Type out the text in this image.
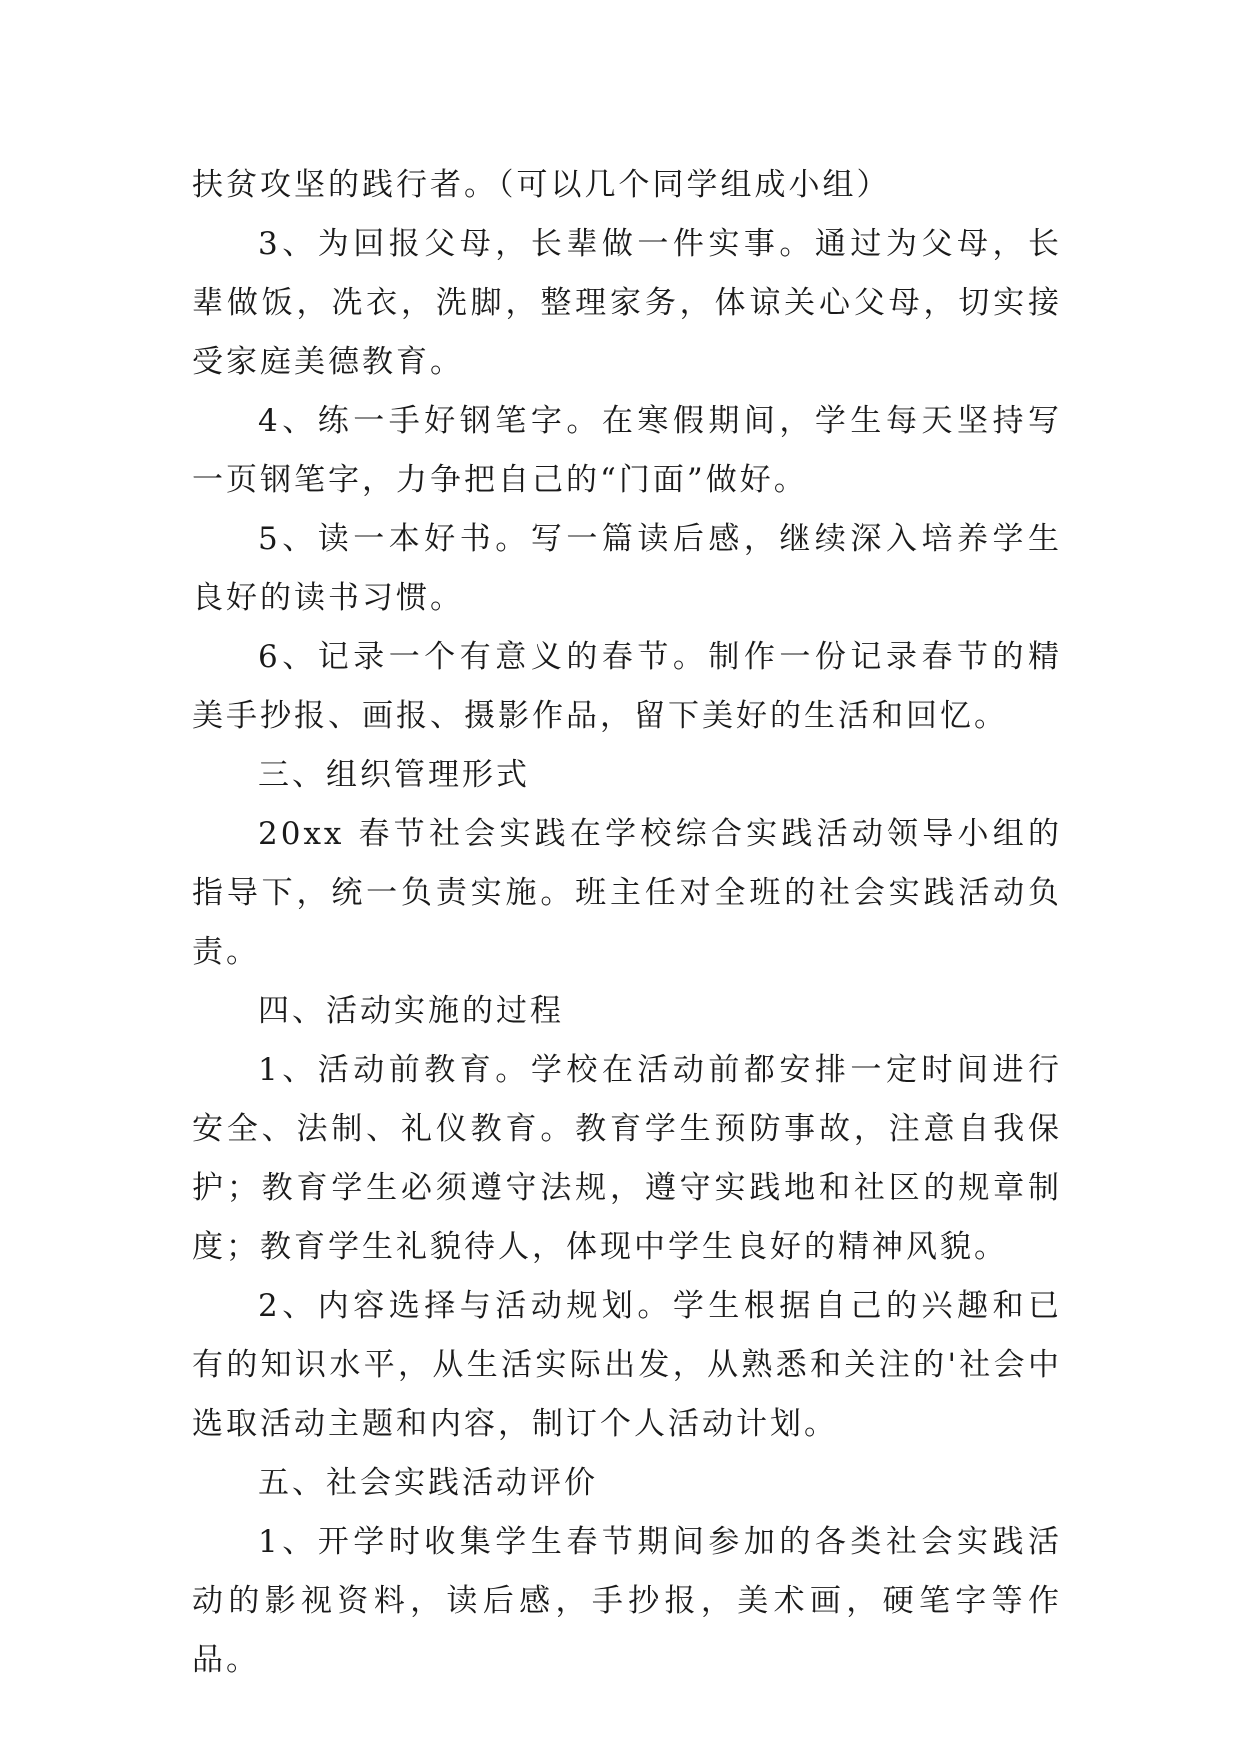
扶贫攻坚的践行者。（可以几个同学组成小组）

3、为回报父母，长辈做一件实事。通过为父母，长辈做饭，冼衣，洗脚，整理家务，体谅关心父母，切实接受家庭美德教育。

4、练一手好钢笔字。在寒假期间，学生每天坚持写一页钢笔字，力争把自己的“门面”做好。

5、读一本好书。写一篇读后感，继续深入培养学生良好的读书习惯。

6、记录一个有意义的春节。制作一份记录春节的精美手抄报、画报、摄影作品，留下美好的生活和回忆。

三、组织管理形式

20xx 春节社会实践在学校综合实践活动领导小组的指导下，统一负责实施。班主任对全班的社会实践活动负责。

四、活动实施的过程

1、活动前教育。学校在活动前都安排一定时间进行安全、法制、礼仪教育。教育学生预防事故，注意自我保护；教育学生必须遵守法规，遵守实践地和社区的规章制度；教育学生礼貌待人，体现中学生良好的精神风貌。

2、内容选择与活动规划。学生根据自己的兴趣和已有的知识水平，从生活实际出发，从熟悉和关注的'社会中选取活动主题和内容，制订个人活动计划。

五、社会实践活动评价

1、开学时收集学生春节期间参加的各类社会实践活动的影视资料，读后感，手抄报，美术画，硬笔字等作品。
